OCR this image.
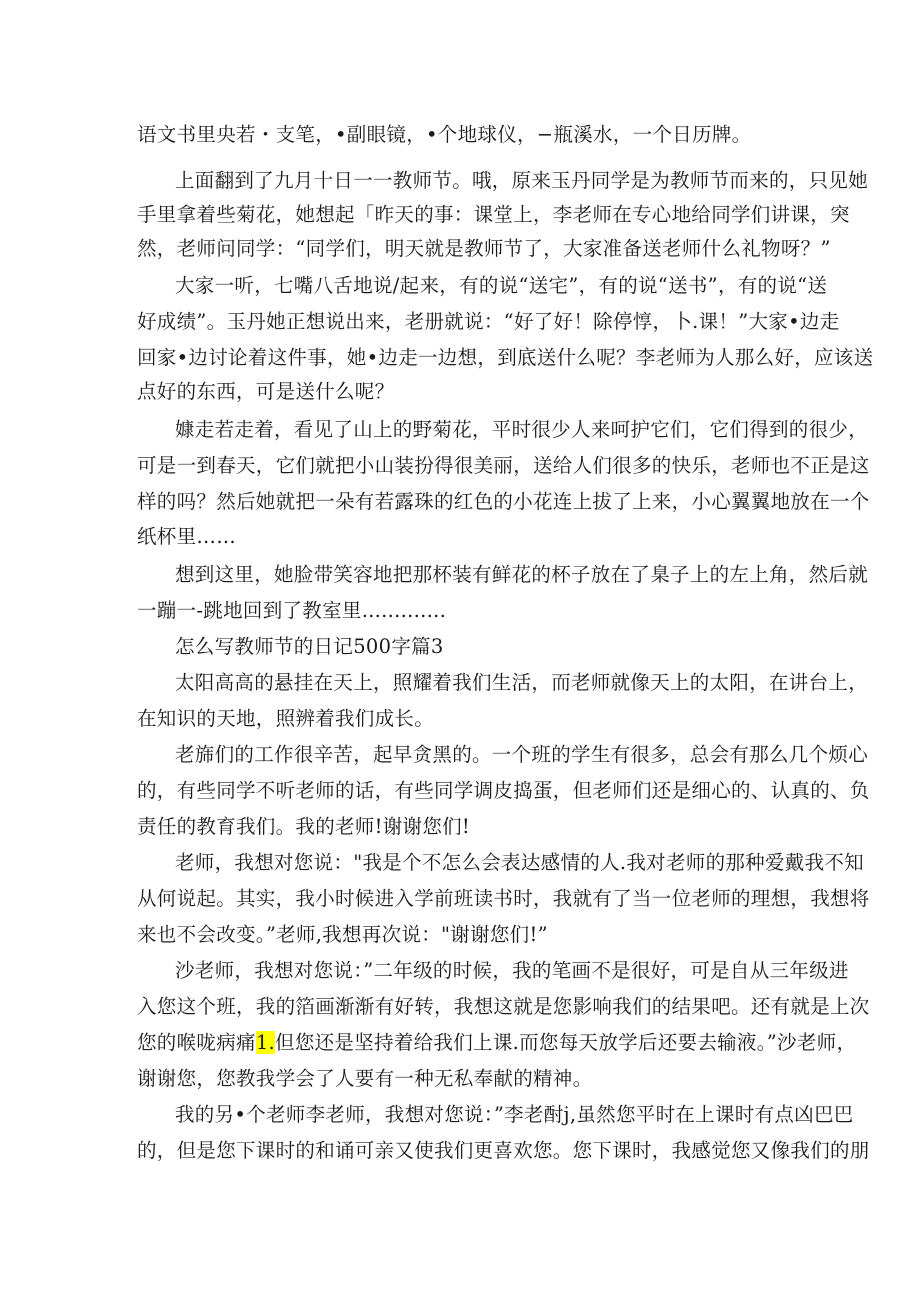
语文书里央若・支笔，•副眼镜，•个地球仪，−瓶溪水，一个日历牌。
上面翻到了九月十日一一教师节。哦，原来玉丹同学是为教师节而来的，只见她
手里拿着些菊花，她想起「昨天的事：课堂上，李老师在专心地给同学们讲课，突
然，老师问同学：“同学们，明天就是教师节了，大家准备送老师什么礼物呀？”
大家一听，七嘴八舌地说/起来，有的说“送宅”，有的说“送书”，有的说“送
好成绩”。玉丹她正想说出来，老册就说：“好了好！除停惇，卜.课！”大家•边走
回家•边讨论着这件事，她•边走一边想，到底送什么呢？李老师为人那么好，应该送
点好的东西，可是送什么呢？
嫝走若走着，看见了山上的野菊花，平时很少人来呵护它们，它们得到的很少，
可是一到春天，它们就把小山装扮得很美丽，送给人们很多的快乐，老师也不正是这
样的吗？然后她就把一朵有若露珠的红色的小花连上拔了上来，小心翼翼地放在一个
纸杯里……
想到这里，她脸带笑容地把那杯装有鲜花的杯子放在了臬子上的左上角，然后就
一蹦一-跳地回到了教室里.............
怎么写教师节的日记500字篇3
太阳高高的悬挂在天上，照耀着我们生活，而老师就像天上的太阳，在讲台上，
在知识的天地，照辨着我们成长。
老旆们的工作很辛苦，起早贪黑的。一个班的学生有很多，总会有那么几个烦心
的，有些同学不听老师的话，有些同学调皮捣蛋，但老师们还是细心的、认真的、负
责任的教育我们。我的老师!谢谢您们!
老师，我想对您说："我是个不怎么会表达感情的人.我对老师的那种爱戴我不知
从何说起。其实，我小时候进入学前班读书时，我就有了当一位老师的理想，我想将
来也不会改变。”老师,我想再次说："谢谢您们!”
沙老师，我想对您说：”二年级的时候，我的笔画不是很好，可是自从三年级进
入您这个班，我的箔画渐渐有好转，我想这就是您影响我们的结果吧。还有就是上次
您的喉咙病痛1.但您还是坚持着给我们上课.而您每天放学后还要去输液。”沙老师，
谢谢您，您教我学会了人要有一种无私奉献的精神。
我的另•个老师李老师，我想对您说：”李老酎j,虽然您平时在上课时有点凶巴巴
的，但是您下课时的和诵可亲又使我们更喜欢您。您下课时，我感觉您又像我们的朋
